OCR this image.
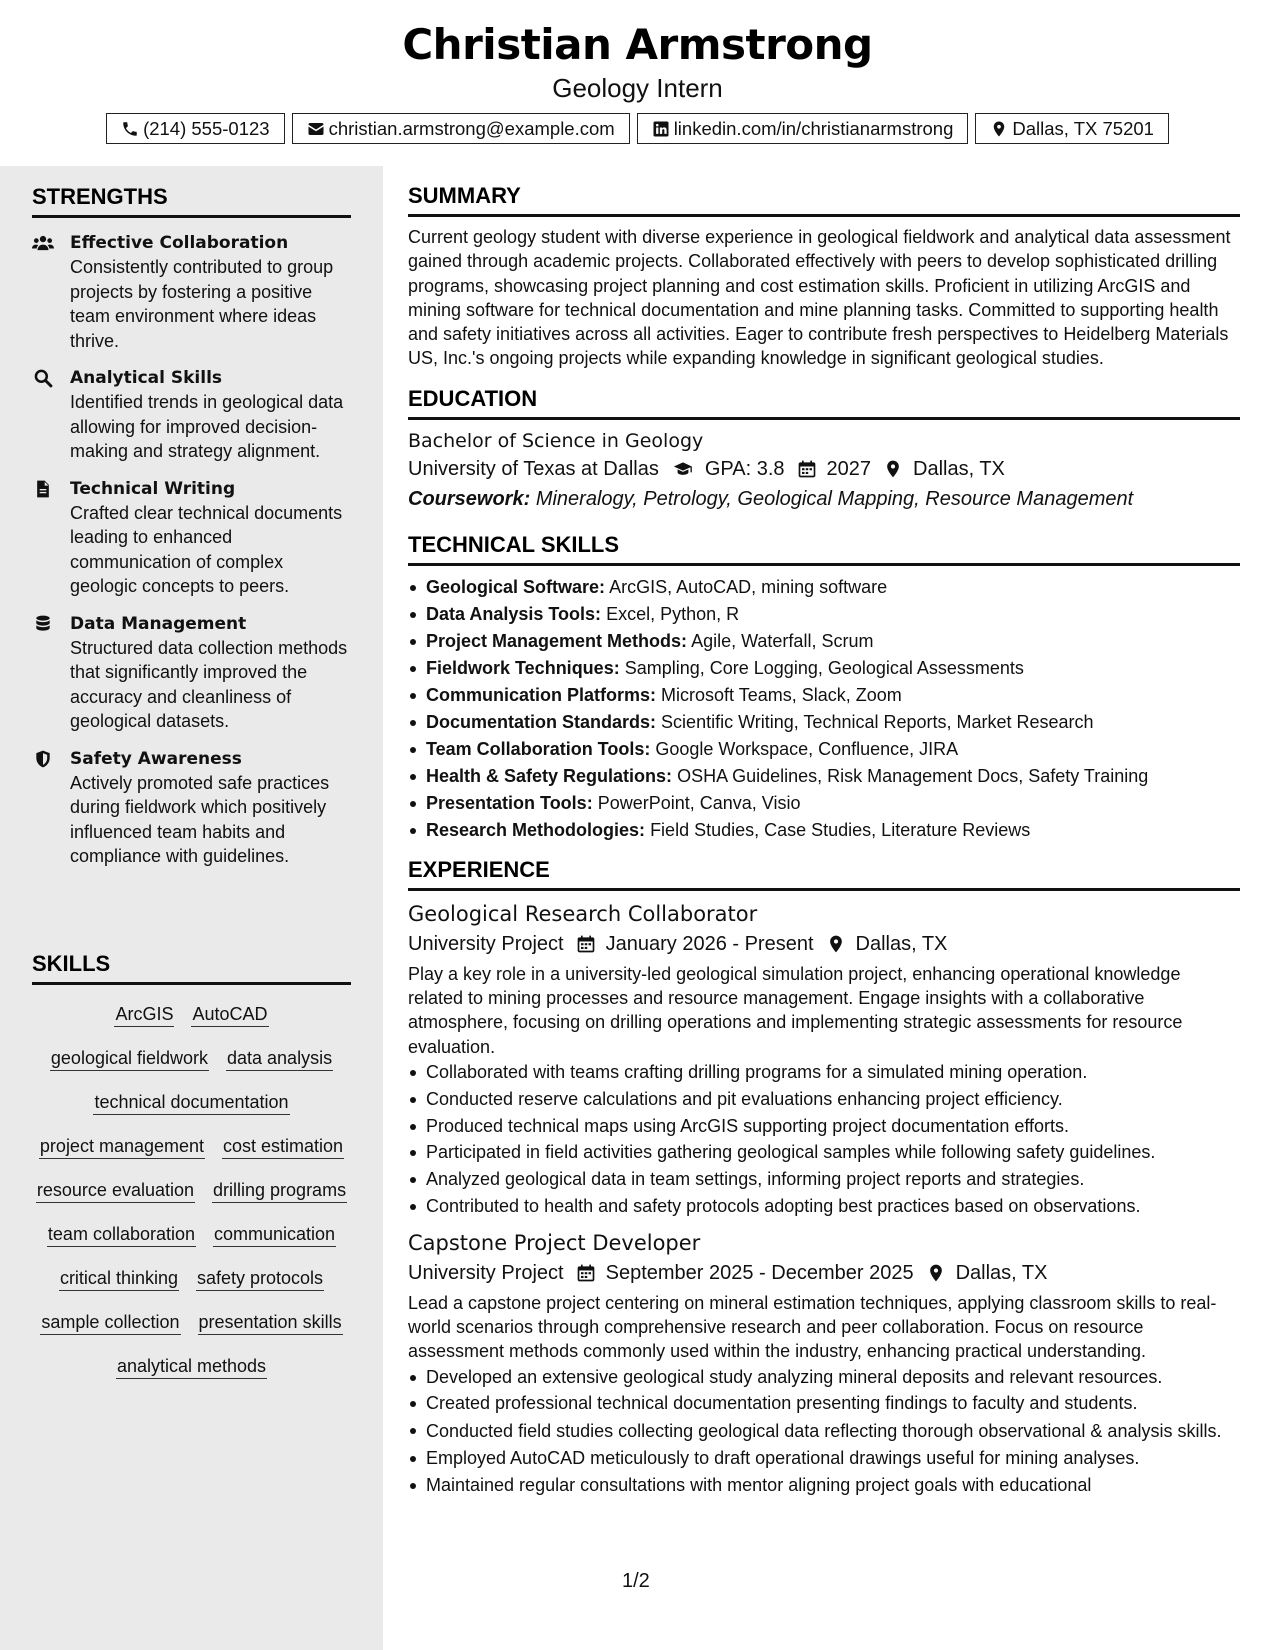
Christian Armstrong
Geology Intern
(214) 555-0123	christian.armstrong@example.com	linkedin.com/in/christianarmstrong	Dallas, TX 75201
STRENGTHS
Effective Collaboration
Consistently contributed to group projects by fostering a positive team environment where ideas thrive.
Analytical Skills
Identified trends in geological data allowing for improved decision-making and strategy alignment.
Technical Writing
Crafted clear technical documents leading to enhanced communication of complex geologic concepts to peers.
Data Management
Structured data collection methods that significantly improved the accuracy and cleanliness of geological datasets.
Safety Awareness
Actively promoted safe practices during fieldwork which positively influenced team habits and compliance with guidelines.
SKILLS
ArcGIS AutoCAD
geological fieldwork data analysis
technical documentation
project management cost estimation
resource evaluation drilling programs
team collaboration communication
critical thinking safety protocols
sample collection presentation skills
analytical methods
SUMMARY
Current geology student with diverse experience in geological fieldwork and analytical data assessment gained through academic projects. Collaborated effectively with peers to develop sophisticated drilling programs, showcasing project planning and cost estimation skills. Proficient in utilizing ArcGIS and mining software for technical documentation and mine planning tasks. Committed to supporting health and safety initiatives across all activities. Eager to contribute fresh perspectives to Heidelberg Materials US, Inc.'s ongoing projects while expanding knowledge in significant geological studies.
EDUCATION
Bachelor of Science in Geology
University of Texas at Dallas GPA: 3.8 2027 Dallas, TX
Coursework: Mineralogy, Petrology, Geological Mapping, Resource Management
TECHNICAL SKILLS
Geological Software: ArcGIS, AutoCAD, mining software
Data Analysis Tools: Excel, Python, R
Project Management Methods: Agile, Waterfall, Scrum
Fieldwork Techniques: Sampling, Core Logging, Geological Assessments
Communication Platforms: Microsoft Teams, Slack, Zoom
Documentation Standards: Scientific Writing, Technical Reports, Market Research
Team Collaboration Tools: Google Workspace, Confluence, JIRA
Health & Safety Regulations: OSHA Guidelines, Risk Management Docs, Safety Training
Presentation Tools: PowerPoint, Canva, Visio
Research Methodologies: Field Studies, Case Studies, Literature Reviews
EXPERIENCE
Geological Research Collaborator
University Project January 2026 - Present Dallas, TX
Play a key role in a university-led geological simulation project, enhancing operational knowledge related to mining processes and resource management. Engage insights with a collaborative atmosphere, focusing on drilling operations and implementing strategic assessments for resource evaluation.
Collaborated with teams crafting drilling programs for a simulated mining operation.
Conducted reserve calculations and pit evaluations enhancing project efficiency.
Produced technical maps using ArcGIS supporting project documentation efforts.
Participated in field activities gathering geological samples while following safety guidelines.
Analyzed geological data in team settings, informing project reports and strategies.
Contributed to health and safety protocols adopting best practices based on observations.
Capstone Project Developer
University Project September 2025 - December 2025 Dallas, TX
Lead a capstone project centering on mineral estimation techniques, applying classroom skills to real-world scenarios through comprehensive research and peer collaboration. Focus on resource assessment methods commonly used within the industry, enhancing practical understanding.
Developed an extensive geological study analyzing mineral deposits and relevant resources.
Created professional technical documentation presenting findings to faculty and students.
Conducted field studies collecting geological data reflecting thorough observational & analysis skills.
Employed AutoCAD meticulously to draft operational drawings useful for mining analyses.
Maintained regular consultations with mentor aligning project goals with educational
1/2
